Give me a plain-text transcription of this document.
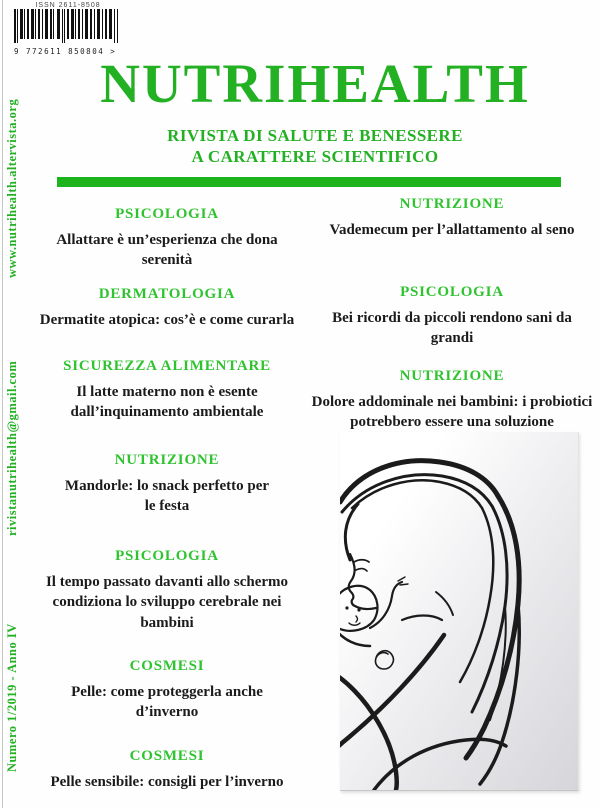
ISSN 2611-8508
9 772611 850804 >
www.nutrihealth.altervista.org
rivistanutrihealth@gmail.com
Numero 1/2019 - Anno IV
NUTRIHEALTH
RIVISTA DI SALUTE E BENESSERE
A CARATTERE SCIENTIFICO
PSICOLOGIA
Allattare è un’esperienza che dona serenità
DERMATOLOGIA
Dermatite atopica: cos’è e come curarla
SICUREZZA ALIMENTARE
Il latte materno non è esente dall’inquinamento ambientale
NUTRIZIONE
Mandorle: lo snack perfetto per le festa
PSICOLOGIA
Il tempo passato davanti allo schermo condiziona lo sviluppo cerebrale nei bambini
COSMESI
Pelle: come proteggerla anche d’inverno
COSMESI
Pelle sensibile: consigli per l’inverno
NUTRIZIONE
Vademecum per l’allattamento al seno
PSICOLOGIA
Bei ricordi da piccoli rendono sani da grandi
NUTRIZIONE
Dolore addominale nei bambini: i probiotici potrebbero essere una soluzione
